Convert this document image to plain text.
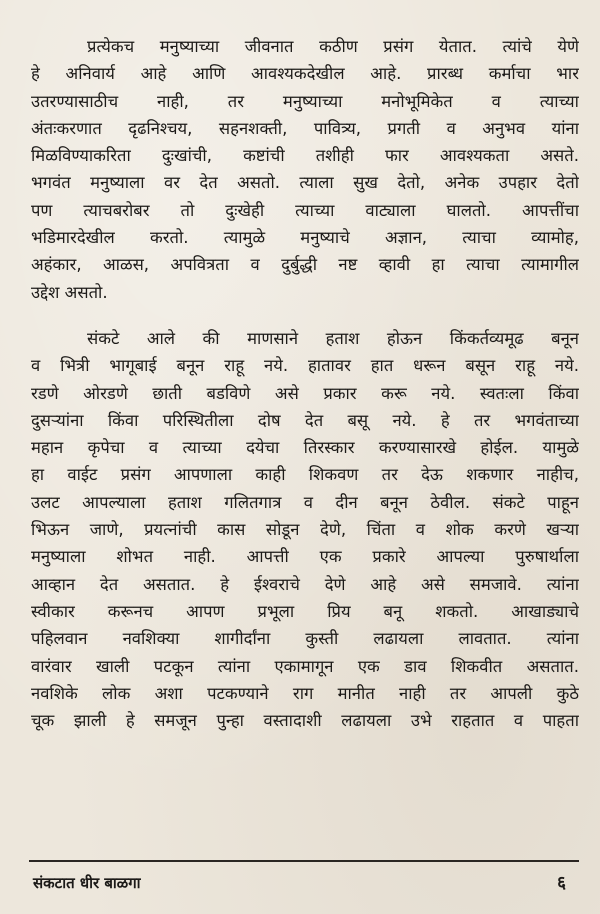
प्रत्येकच मनुष्याच्या जीवनात कठीण प्रसंग येतात. त्यांचे येणे
हे अनिवार्य आहे आणि आवश्यकदेखील आहे. प्रारब्ध कर्माचा भार
उतरण्यासाठीच नाही, तर मनुष्याच्या मनोभूमिकेत व त्याच्या
अंतःकरणात दृढनिश्चय, सहनशक्ती, पावित्र्य, प्रगती व अनुभव यांना
मिळविण्याकरिता दुःखांची, कष्टांची तशीही फार आवश्यकता असते.
भगवंत मनुष्याला वर देत असतो. त्याला सुख देतो, अनेक उपहार देतो
पण त्याचबरोबर तो दुःखेही त्याच्या वाट्याला घालतो. आपत्तींचा
भडिमारदेखील करतो. त्यामुळे मनुष्याचे अज्ञान, त्याचा व्यामोह,
अहंकार, आळस, अपवित्रता व दुर्बुद्धी नष्ट व्हावी हा त्याचा त्यामागील
उद्देश असतो.

संकटे आले की माणसाने हताश होऊन किंकर्तव्यमूढ बनून
व भित्री भागूबाई बनून राहू नये. हातावर हात धरून बसून राहू नये.
रडणे ओरडणे छाती बडविणे असे प्रकार करू नये. स्वतःला किंवा
दुसऱ्यांना किंवा परिस्थितीला दोष देत बसू नये. हे तर भगवंताच्या
महान कृपेचा व त्याच्या दयेचा तिरस्कार करण्यासारखे होईल. यामुळे
हा वाईट प्रसंग आपणाला काही शिकवण तर देऊ शकणार नाहीच,
उलट आपल्याला हताश गलितगात्र व दीन बनून ठेवील. संकटे पाहून
भिऊन जाणे, प्रयत्नांची कास सोडून देणे, चिंता व शोक करणे खऱ्या
मनुष्याला शोभत नाही. आपत्ती एक प्रकारे आपल्या पुरुषार्थाला
आव्हान देत असतात. हे ईश्वराचे देणे आहे असे समजावे. त्यांना
स्वीकार करूनच आपण प्रभूला प्रिय बनू शकतो. आखाड्याचे
पहिलवान नवशिक्या शागीर्दांना कुस्ती लढायला लावतात. त्यांना
वारंवार खाली पटकून त्यांना एकामागून एक डाव शिकवीत असतात.
नवशिके लोक अशा पटकण्याने राग मानीत नाही तर आपली कुठे
चूक झाली हे समजून पुन्हा वस्तादाशी लढायला उभे राहतात व पाहता

संकटात धीर बाळगा	६
